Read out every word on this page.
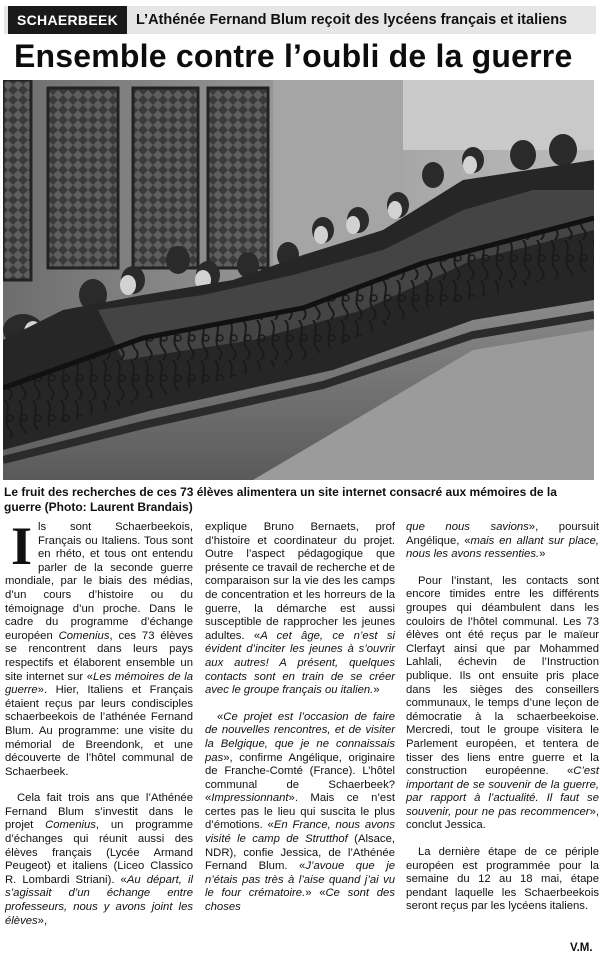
SCHAERBEEK	L’Athénée Fernand Blum reçoit des lycéens français et italiens
Ensemble contre l’oubli de la guerre
Le fruit des recherches de ces 73 élèves alimentera un site internet consacré aux mémoires de la guerre (Photo: Laurent Brandais)

Ils sont Schaerbeekois, Français ou Italiens. Tous sont en rhéto, et tous ont entendu parler de la seconde guerre mondiale, par le biais des médias, d’un cours d’histoire ou du témoignage d’un proche. Dans le cadre du programme d’échange européen Comenius, ces 73 élèves se rencontrent dans leurs pays respectifs et élaborent ensemble un site internet sur «Les mémoires de la guerre». Hier, Italiens et Français étaient reçus par leurs condisciples schaerbeekois de l’athénée Fernand Blum. Au programme: une visite du mémorial de Breendonk, et une découverte de l’hôtel communal de Schaerbeek.

Cela fait trois ans que l’Athénée Fernand Blum s’investit dans le projet Comenius, un programme d’échanges qui réunit aussi des élèves français (Lycée Armand Peugeot) et italiens (Liceo Classico R. Lombardi Striani). «Au départ, il s’agissait d’un échange entre professeurs, nous y avons joint les élèves»,

explique Bruno Bernaets, prof d’histoire et coordinateur du projet. Outre l’aspect pédagogique que présente ce travail de recherche et de comparaison sur la vie des les camps de concentration et les horreurs de la guerre, la démarche est aussi susceptible de rapprocher les jeunes adultes. «A cet âge, ce n’est si évident d’inciter les jeunes à s’ouvrir aux autres! A présent, quelques contacts sont en train de se créer avec le groupe français ou italien.»

«Ce projet est l’occasion de faire de nouvelles rencontres, et de visiter la Belgique, que je ne connaissais pas», confirme Angélique, originaire de Franche-Comté (France). L’hôtel communal de Schaerbeek? «Impressionnant». Mais ce n’est certes pas le lieu qui suscita le plus d’émotions. «En France, nous avons visité le camp de Strutthof (Alsace, NDR), confie Jessica, de l’Athénée Fernand Blum. «J’avoue que je n’étais pas très à l’aise quand j’ai vu le four crématoire.» «Ce sont des choses

que nous savions», poursuit Angélique, «mais en allant sur place, nous les avons ressenties.»

Pour l’instant, les contacts sont encore timides entre les différents groupes qui déambulent dans les couloirs de l’hôtel communal. Les 73 élèves ont été reçus par le maïeur Clerfayt ainsi que par Mohammed Lahlali, échevin de l’Instruction publique. Ils ont ensuite pris place dans les sièges des conseillers communaux, le temps d’une leçon de démocratie à la schaerbeekoise. Mercredi, tout le groupe visitera le Parlement européen, et tentera de tisser des liens entre guerre et la construction européenne. «C’est important de se souvenir de la guerre, par rapport à l’actualité. Il faut se souvenir, pour ne pas recommencer», conclut Jessica.

La dernière étape de ce périple européen est programmée pour la semaine du 12 au 18 mai, étape pendant laquelle les Schaerbeekois seront reçus par les lycéens italiens.

V.M.
